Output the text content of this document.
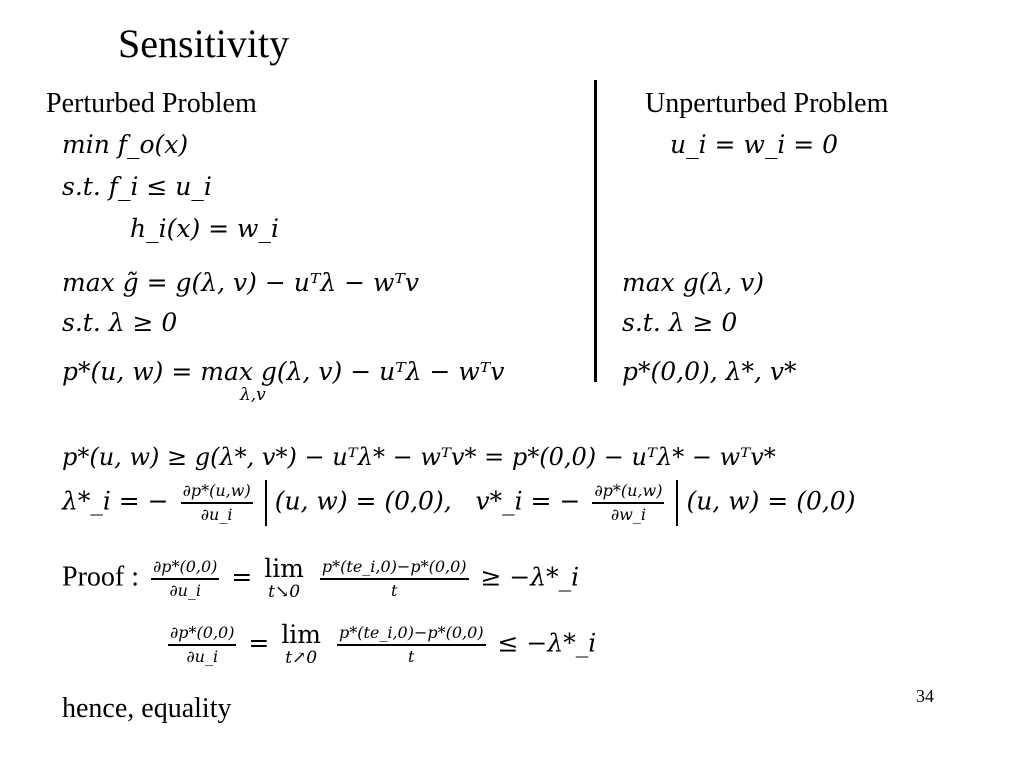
Sensitivity
Perturbed Problem
min f_o(x)
s.t. f_i ≤ u_i
h_i(x) = w_i
max g̃ = g(λ, v) − uᵀλ − wᵀv
s.t. λ ≥ 0
p*(u, w) = max g(λ, v) − uᵀλ − wᵀv
λ,v
Unperturbed Problem
u_i = w_i = 0
max g(λ, v)
s.t. λ ≥ 0
p*(0,0), λ*, v*
p*(u, w) ≥ g(λ*, v*) − uᵀλ* − wᵀv* = p*(0,0) − uᵀλ* − wᵀv*
λ*_i = − $\frac{\partial p*(u,w)}{\partial u\_i} (u$, w) = (0,0), v*_i = − $\frac{\partial p*(u,w)}{\partial w\_i} (u$, w) = (0,0)
Proof : $\frac{\partial p*(0,0)}{\partial u\_i} = \lim$
t↘0
$\frac{p*(te\_i,0)-p*(0,0)}{t}$ ≥ −λ*_i
$\frac{\partial p*(0,0)}{\partial u\_i} = \lim$
t↗0
$\frac{p*(te\_i,0)-p*(0,0)}{t}$ ≤ −λ*_i
34
hence, equality
